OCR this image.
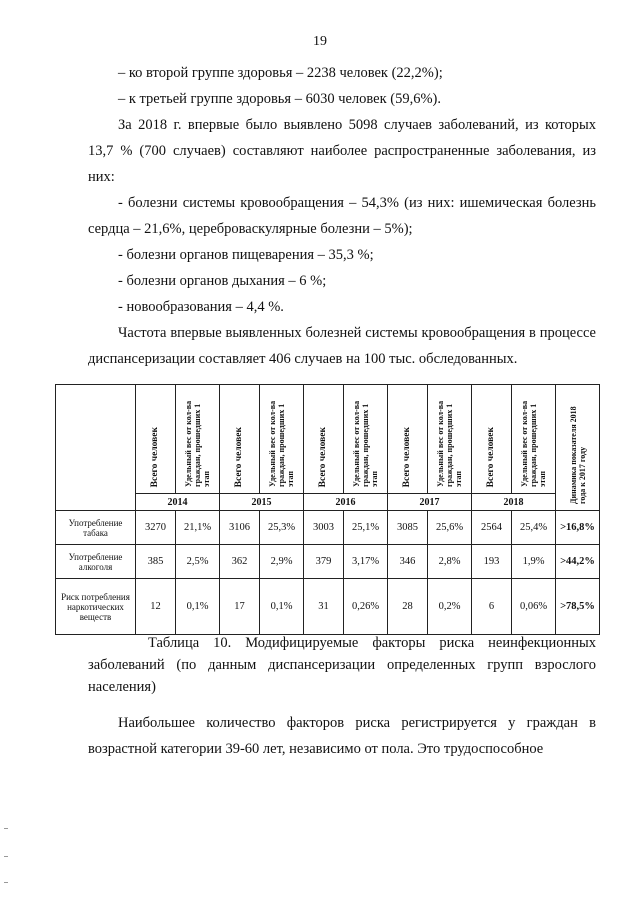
19
– ко второй группе здоровья – 2238 человек (22,2%);
– к третьей группе здоровья – 6030 человек (59,6%).
За 2018 г. впервые было выявлено 5098 случаев заболеваний, из которых 13,7 % (700 случаев) составляют наиболее распространенные заболевания, из них:
- болезни системы кровообращения – 54,3% (из них: ишемическая болезнь сердца – 21,6%, цереброваскулярные болезни – 5%);
- болезни органов пищеварения – 35,3 %;
- болезни органов дыхания – 6 %;
- новообразования – 4,4 %.
Частота впервые выявленных болезней системы кровообращения в процессе диспансеризации составляет 406 случаев на 100 тыс. обследованных.

	Всего человек	Удельный вес от кол-ва граждан, прошедших 1 этап	Всего человек	Удельный вес от кол-ва граждан, прошедших 1 этап	Всего человек	Удельный вес от кол-ва граждан, прошедших 1 этап	Всего человек	Удельный вес от кол-ва граждан, прошедших 1 этап	Всего человек	Удельный вес от кол-ва граждан, прошедших 1 этап	Динамика показателя 2018 года к 2017 году

	2014		2015		2016		2017		2018		
Употребление табака	3270	21,1%	3106	25,3%	3003	25,1%	3085	25,6%	2564	25,4%	>16,8%
Употребление алкоголя	385	2,5%	362	2,9%	379	3,17%	346	2,8%	193	1,9%	>44,2%
Риск потребления наркотических веществ	12	0,1%	17	0,1%	31	0,26%	28	0,2%	6	0,06%	>78,5%
Таблица 10. Модифицируемые факторы риска неинфекционных заболеваний (по данным диспансеризации определенных групп взрослого населения)
Наибольшее количество факторов риска регистрируется у граждан в возрастной категории 39-60 лет, независимо от пола. Это трудоспособное
